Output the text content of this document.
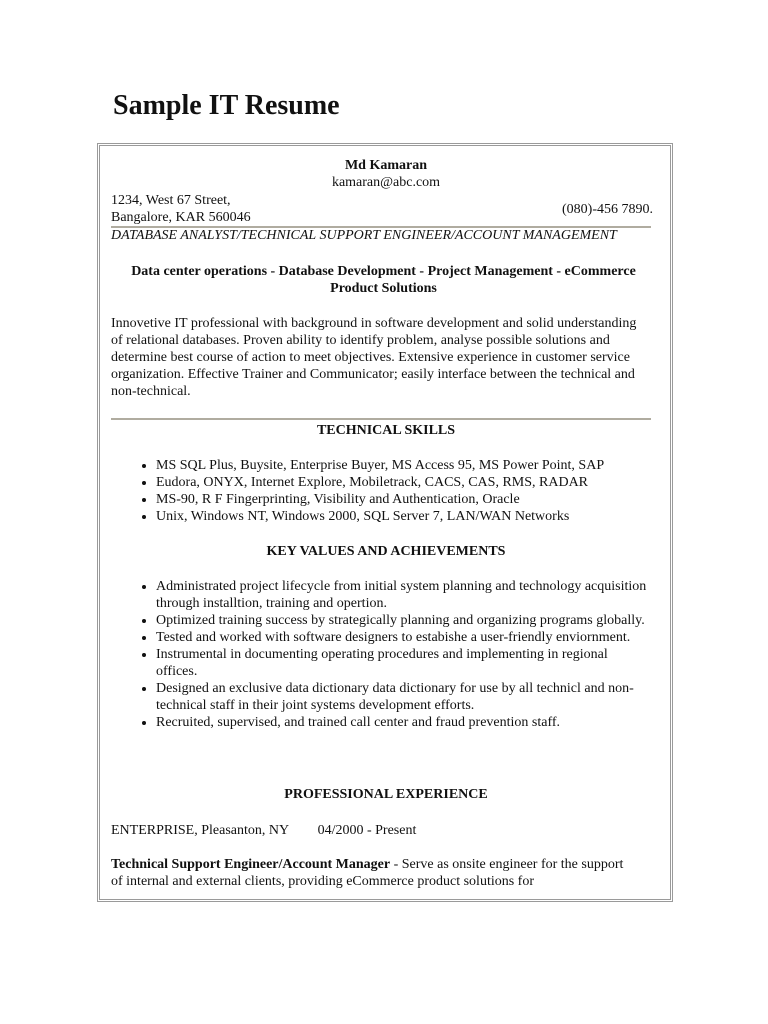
Sample IT Resume
Md Kamaran
kamaran@abc.com
1234, West 67 Street,
Bangalore, KAR 560046
(080)-456 7890.
DATABASE ANALYST/TECHNICAL SUPPORT ENGINEER/ACCOUNT MANAGEMENT
Data center operations - Database Development - Project Management - eCommerce Product Solutions
Innovetive IT professional with background in software development and solid understanding of relational databases. Proven ability to identify problem, analyse possible solutions and determine best course of action to meet objectives. Extensive experience in customer service organization. Effective Trainer and Communicator; easily interface between the technical and non-technical.
TECHNICAL SKILLS
• MS SQL Plus, Buysite, Enterprise Buyer, MS Access 95, MS Power Point, SAP
• Eudora, ONYX, Internet Explore, Mobiletrack, CACS, CAS, RMS, RADAR
• MS-90, R F Fingerprinting, Visibility and Authentication, Oracle
• Unix, Windows NT, Windows 2000, SQL Server 7, LAN/WAN Networks
KEY VALUES AND ACHIEVEMENTS
• Administrated project lifecycle from initial system planning and technology acquisition through installtion, training and opertion.
• Optimized training success by strategically planning and organizing programs globally.
• Tested and worked with software designers to estabishe a user-friendly enviornment.
• Instrumental in documenting operating procedures and implementing in regional offices.
• Designed an exclusive data dictionary data dictionary for use by all technicl and non-technical staff in their joint systems development efforts.
• Recruited, supervised, and trained call center and fraud prevention staff.
PROFESSIONAL EXPERIENCE
ENTERPRISE, Pleasanton, NY 04/2000 - Present
Technical Support Engineer/Account Manager - Serve as onsite engineer for the support of internal and external clients, providing eCommerce product solutions for
